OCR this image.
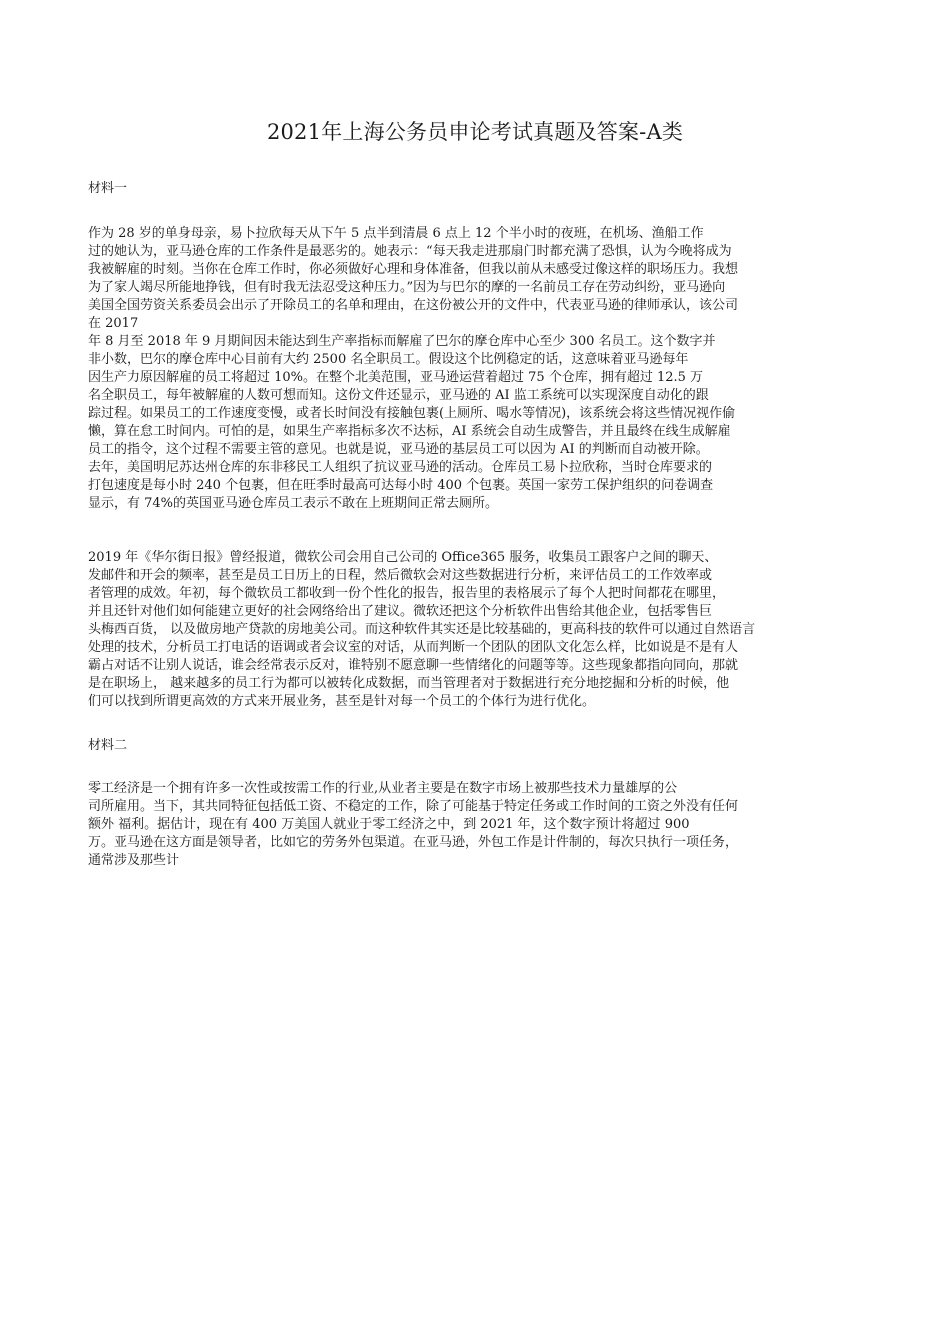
2021年上海公务员申论考试真题及答案-A类

材料一

作为 28 岁的单身母亲，易卜拉欣每天从下午 5 点半到清晨 6 点上 12 个半小时的夜班，在机场、渔船工作
过的她认为，亚马逊仓库的工作条件是最恶劣的。她表示：“每天我走进那扇门时都充满了恐惧，认为今晚将成为
我被解雇的时刻。当你在仓库工作时，你必须做好心理和身体准备，但我以前从未感受过像这样的职场压力。我想
为了家人竭尽所能地挣钱，但有时我无法忍受这种压力。”因为与巴尔的摩的一名前员工存在劳动纠纷，亚马逊向
美国全国劳资关系委员会出示了开除员工的名单和理由，在这份被公开的文件中，代表亚马逊的律师承认，该公司
在 2017
年 8 月至 2018 年 9 月期间因未能达到生产率指标而解雇了巴尔的摩仓库中心至少 300 名员工。这个数字并
非小数，巴尔的摩仓库中心目前有大约 2500 名全职员工。假设这个比例稳定的话，这意味着亚马逊每年
因生产力原因解雇的员工将超过 10%。在整个北美范围，亚马逊运营着超过 75 个仓库，拥有超过 12.5 万
名全职员工，每年被解雇的人数可想而知。这份文件还显示，亚马逊的 AI 监工系统可以实现深度自动化的跟
踪过程。如果员工的工作速度变慢，或者长时间没有接触包裹(上厕所、喝水等情况)，该系统会将这些情况视作偷
懒，算在怠工时间内。可怕的是，如果生产率指标多次不达标，AI 系统会自动生成警告，并且最终在线生成解雇
员工的指令，这个过程不需要主管的意见。也就是说，亚马逊的基层员工可以因为 AI 的判断而自动被开除。
去年，美国明尼苏达州仓库的东非移民工人组织了抗议亚马逊的活动。仓库员工易卜拉欣称，当时仓库要求的
打包速度是每小时 240 个包裹，但在旺季时最高可达每小时 400 个包裹。英国一家劳工保护组织的问卷调查
显示，有 74%的英国亚马逊仓库员工表示不敢在上班期间正常去厕所。

2019 年《华尔街日报》曾经报道，微软公司会用自己公司的 Office365 服务，收集员工跟客户之间的聊天、
发邮件和开会的频率，甚至是员工日历上的日程，然后微软会对这些数据进行分析，来评估员工的工作效率或
者管理的成效。年初，每个微软员工都收到一份个性化的报告，报告里的表格展示了每个人把时间都花在哪里，
并且还针对他们如何能建立更好的社会网络给出了建议。微软还把这个分析软件出售给其他企业，包括零售巨
头梅西百货， 以及做房地产贷款的房地美公司。而这种软件其实还是比较基础的，更高科技的软件可以通过自然语言
处理的技术，分析员工打电话的语调或者会议室的对话，从而判断一个团队的团队文化怎么样，比如说是不是有人
霸占对话不让别人说话，谁会经常表示反对，谁特别不愿意聊一些情绪化的问题等等。这些现象都指向同向，那就
是在职场上， 越来越多的员工行为都可以被转化成数据，而当管理者对于数据进行充分地挖掘和分析的时候，他
们可以找到所谓更高效的方式来开展业务，甚至是针对每一个员工的个体行为进行优化。

材料二

零工经济是一个拥有许多一次性或按需工作的行业,从业者主要是在数字市场上被那些技术力量雄厚的公
司所雇用。当下，其共同特征包括低工资、不稳定的工作，除了可能基于特定任务或工作时间的工资之外没有任何
额外 福利。据估计，现在有 400 万美国人就业于零工经济之中，到 2021 年，这个数字预计将超过 900
万。亚马逊在这方面是领导者，比如它的劳务外包渠道。在亚马逊，外包工作是计件制的，每次只执行一项任务，
通常涉及那些计
